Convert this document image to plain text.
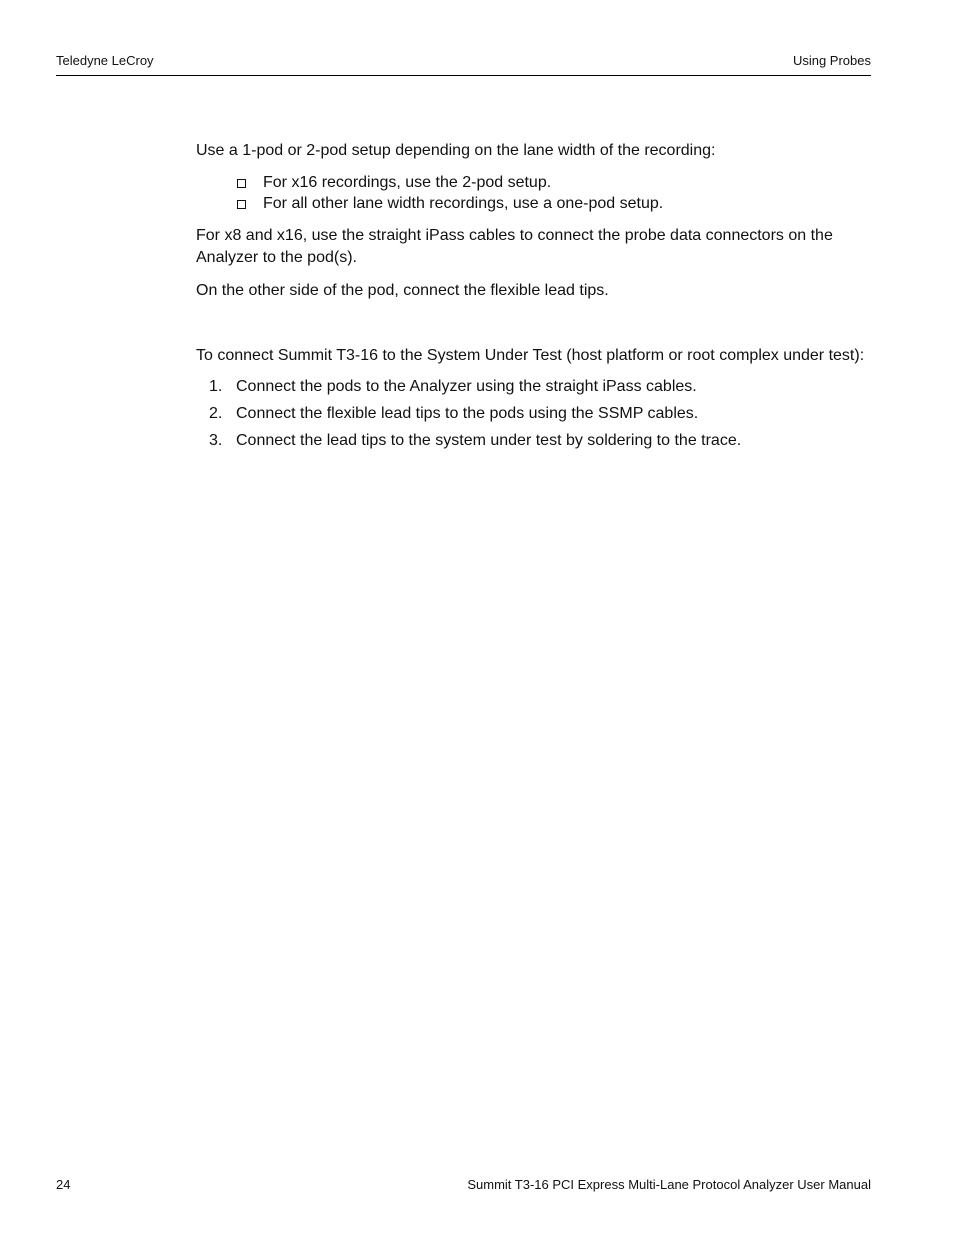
Teledyne LeCroy	Using Probes

Use a 1-pod or 2-pod setup depending on the lane width of the recording:

For x16 recordings, use the 2-pod setup.
For all other lane width recordings, use a one-pod setup.

For x8 and x16, use the straight iPass cables to connect the probe data connectors on the Analyzer to the pod(s).

On the other side of the pod, connect the flexible lead tips.

To connect Summit T3-16 to the System Under Test (host platform or root complex under test):

1. Connect the pods to the Analyzer using the straight iPass cables.
2. Connect the flexible lead tips to the pods using the SSMP cables.
3. Connect the lead tips to the system under test by soldering to the trace.
24	Summit T3-16 PCI Express Multi-Lane Protocol Analyzer User Manual
